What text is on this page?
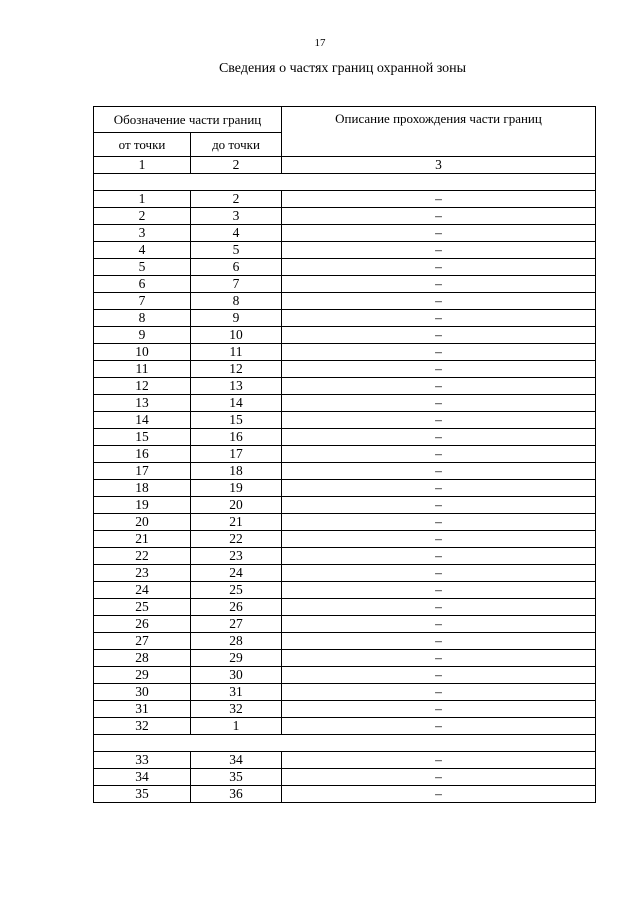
17
Сведения о частях границ охранной зоны
Обозначение части границ		Описание прохождения части границ
от точки	до точки	
1	2	3

1	2	–
2	3	–
3	4	–
4	5	–
5	6	–
6	7	–
7	8	–
8	9	–
9	10	–
10	11	–
11	12	–
12	13	–
13	14	–
14	15	–
15	16	–
16	17	–
17	18	–
18	19	–
19	20	–
20	21	–
21	22	–
22	23	–
23	24	–
24	25	–
25	26	–
26	27	–
27	28	–
28	29	–
29	30	–
30	31	–
31	32	–
32	1	–

33	34	–
34	35	–
35	36	–
